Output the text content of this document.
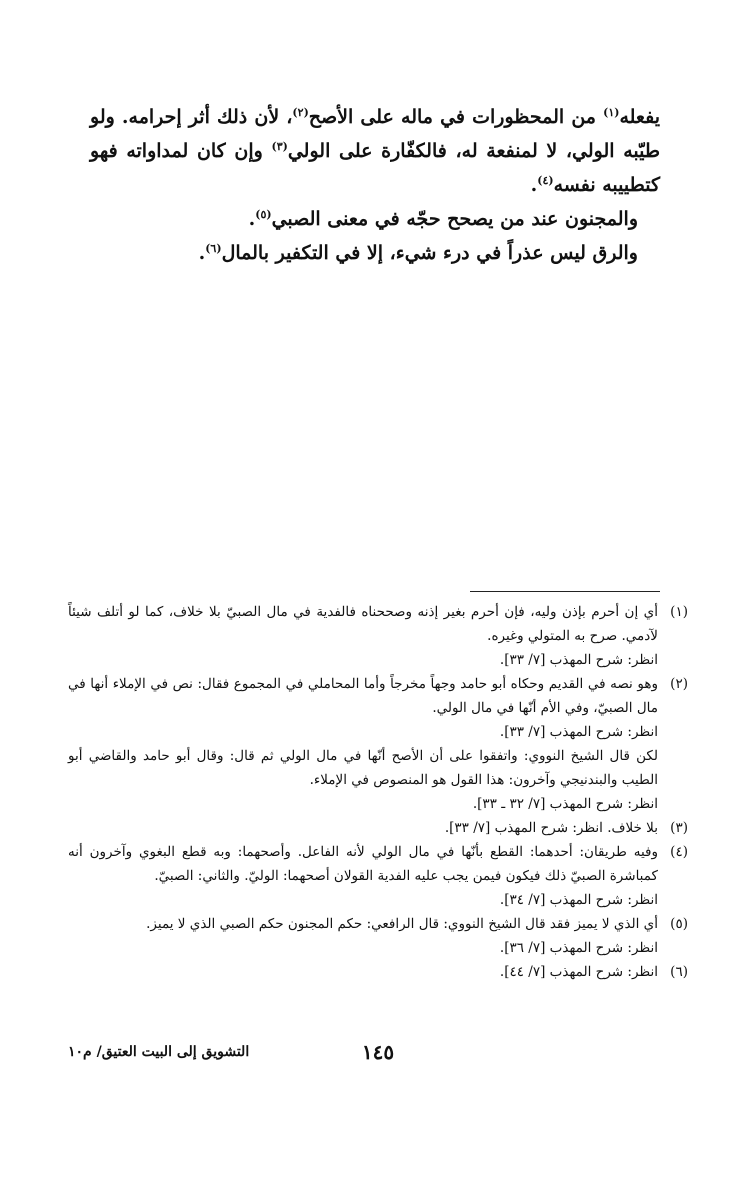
يفعله$^{(١)}$ من المحظورات في ماله على الأصح$^{(٢)}$، لأن ذلك أثر إحرامه. ولو طيّبه الولي، لا لمنفعة له، فالكفّارة على الولي$^{(٣)}$ وإن كان لمداواته فهو كتطييبه نفسه$^{(٤)}$.

والمجنون عند من يصحح حجّه في معنى الصبي$^{(٥)}$.

والرق ليس عذراً في درء شيء، إلا في التكفير بالمال$^{(٦)}$.

(١)
أي إن أحرم بإذن وليه، فإن أحرم بغير إذنه وصححناه فالفدية في مال الصبيّ بلا خلاف، كما لو أتلف شيئاً لآدمي. صرح به المتولي وغيره.
انظر: شرح المهذب [٧/ ٣٣].
(٢)
وهو نصه في القديم وحكاه أبو حامد وجهاً مخرجاً وأما المحاملي في المجموع فقال: نص في الإملاء أنها في مال الصبيّ، وفي الأم أنّها في مال الولي.
انظر: شرح المهذب [٧/ ٣٣].
لكن قال الشيخ النووي: واتفقوا على أن الأصح أنّها في مال الولي ثم قال: وقال أبو حامد والقاضي أبو الطيب والبندنيجي وآخرون: هذا القول هو المنصوص في الإملاء.
انظر: شرح المهذب [٧/ ٣٢ ـ ٣٣].
(٣)
بلا خلاف. انظر: شرح المهذب [٧/ ٣٣].
(٤)
وفيه طريقان: أحدهما: القطع بأنّها في مال الولي لأنه الفاعل. وأصحهما: وبه قطع البغوي وآخرون أنه كمباشرة الصبيّ ذلك فيكون فيمن يجب عليه الفدية القولان أصحهما: الوليّ. والثاني: الصبيّ.
انظر: شرح المهذب [٧/ ٣٤].
(٥)
أي الذي لا يميز فقد قال الشيخ النووي: قال الرافعي: حكم المجنون حكم الصبي الذي لا يميز.
انظر: شرح المهذب [٧/ ٣٦].
(٦)
انظر: شرح المهذب [٧/ ٤٤].
١٤٥
التشويق إلى البيت العتيق/ م١٠
